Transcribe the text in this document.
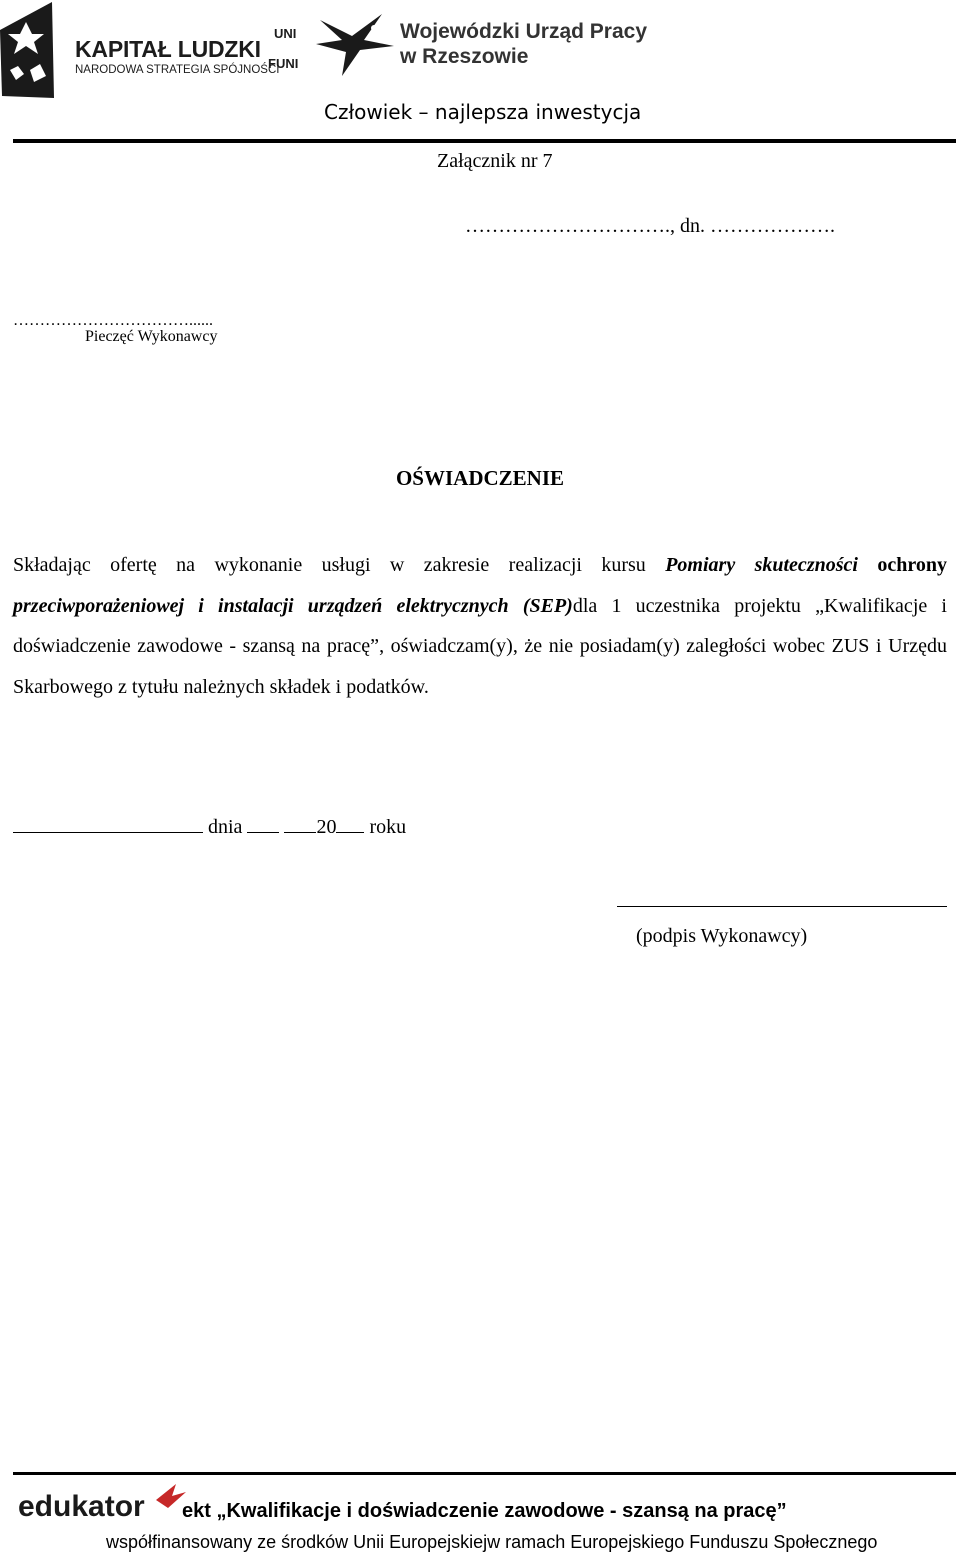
KAPITAŁ LUDZKI
NARODOWA STRATEGIA SPÓJNOŚCI
UNI
FUNI
Wojewódzki Urząd Pracy
w Rzeszowie
Człowiek – najlepsza inwestycja
Załącznik nr 7
…………………………., dn. ……………….
……………………………......
Pieczęć Wykonawcy
OŚWIADCZENIE
Składając ofertę na wykonanie usługi w zakresie realizacji kursu Pomiary skuteczności ochrony przeciwporażeniowej i instalacji urządzeń elektrycznych (SEP)dla 1 uczestnika projektu „Kwalifikacje i doświadczenie zawodowe - szansą na pracę”, oświadczam(y), że nie posiadam(y) zaległości wobec ZUS i Urzędu Skarbowego z tytułu należnych składek i podatków.
dnia	20 roku
(podpis Wykonawcy)
edukator ekt „Kwalifikacje i doświadczenie zawodowe - szansą na pracę”
współfinansowany ze środków Unii Europejskiejw ramach Europejskiego Funduszu Społecznego
